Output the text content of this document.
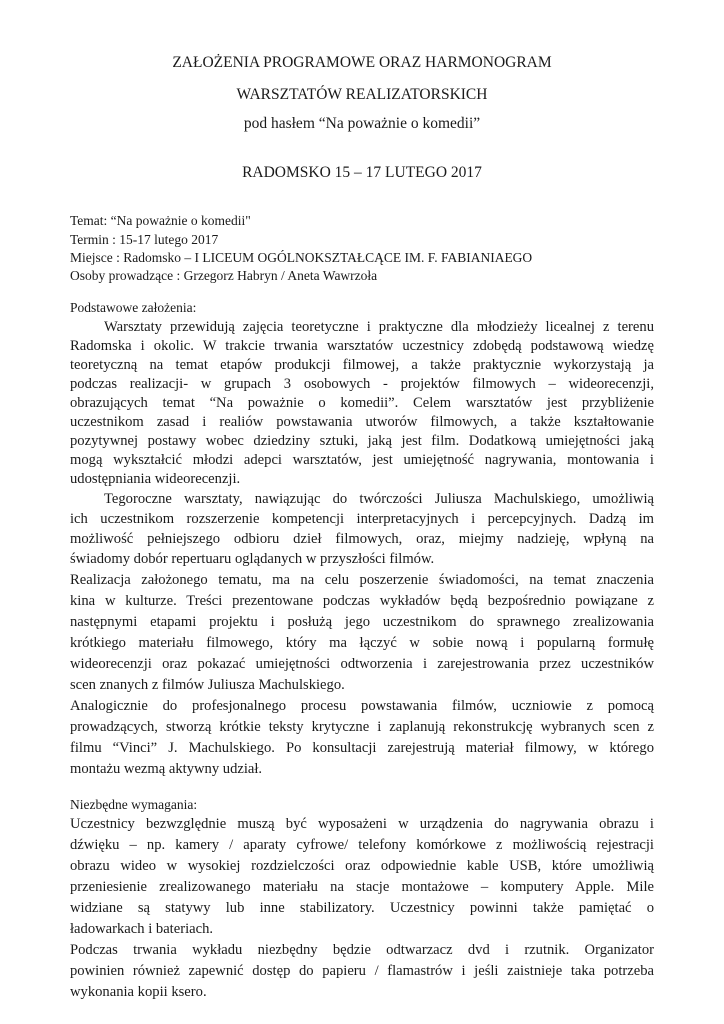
ZAŁOŻENIA PROGRAMOWE ORAZ HARMONOGRAM
WARSZTATÓW REALIZATORSKICH
pod hasłem “Na poważnie o komedii”
RADOMSKO 15 – 17 LUTEGO 2017

Temat: “Na poważnie o komedii"

Termin : 15-17 lutego 2017

Miejsce : Radomsko – I LICEUM OGÓLNOKSZTAŁCĄCE IM. F. FABIANIAEGO

Osoby prowadzące : Grzegorz Habryn / Aneta Wawrzoła

Podstawowe założenia:

Warsztaty przewidują zajęcia teoretyczne i praktyczne dla młodzieży licealnej z terenu

Radomska i okolic. W trakcie trwania warsztatów uczestnicy zdobędą podstawową wiedzę

teoretyczną na temat etapów produkcji filmowej, a także praktycznie wykorzystają ja

podczas realizacji- w grupach 3 osobowych - projektów filmowych – wideorecenzji,

obrazujących temat “Na poważnie o komedii”. Celem warsztatów jest przybliżenie

uczestnikom zasad i realiów powstawania utworów filmowych, a także kształtowanie

pozytywnej postawy wobec dziedziny sztuki, jaką jest film. Dodatkową umiejętności jaką

mogą wykształcić młodzi adepci warsztatów, jest umiejętność nagrywania, montowania i

udostępniania wideorecenzji.

Tegoroczne warsztaty, nawiązując do twórczości Juliusza Machulskiego, umożliwią

ich uczestnikom rozszerzenie kompetencji interpretacyjnych i percepcyjnych. Dadzą im

możliwość pełniejszego odbioru dzieł filmowych, oraz, miejmy nadzieję, wpłyną na

świadomy dobór repertuaru oglądanych w przyszłości filmów.

Realizacja założonego tematu, ma na celu poszerzenie świadomości, na temat znaczenia

kina w kulturze. Treści prezentowane podczas wykładów będą bezpośrednio powiązane z

następnymi etapami projektu i posłużą jego uczestnikom do sprawnego zrealizowania

krótkiego materiału filmowego, który ma łączyć w sobie nową i popularną formułę

wideorecenzji oraz pokazać umiejętności odtworzenia i zarejestrowania przez uczestników

scen znanych z filmów Juliusza Machulskiego.

Analogicznie do profesjonalnego procesu powstawania filmów, uczniowie z pomocą

prowadzących, stworzą krótkie teksty krytyczne i zaplanują rekonstrukcję wybranych scen z

filmu “Vinci” J. Machulskiego. Po konsultacji zarejestrują materiał filmowy, w którego

montażu wezmą aktywny udział.

Niezbędne wymagania:

Uczestnicy bezwzględnie muszą być wyposażeni w urządzenia do nagrywania obrazu i

dźwięku – np. kamery / aparaty cyfrowe/ telefony komórkowe z możliwością rejestracji

obrazu wideo w wysokiej rozdzielczości oraz odpowiednie kable USB, które umożliwią

przeniesienie zrealizowanego materiału na stacje montażowe – komputery Apple. Mile

widziane są statywy lub inne stabilizatory. Uczestnicy powinni także pamiętać o

ładowarkach i bateriach.

Podczas trwania wykładu niezbędny będzie odtwarzacz dvd i rzutnik. Organizator

powinien również zapewnić dostęp do papieru / flamastrów i jeśli zaistnieje taka potrzeba

wykonania kopii ksero.
